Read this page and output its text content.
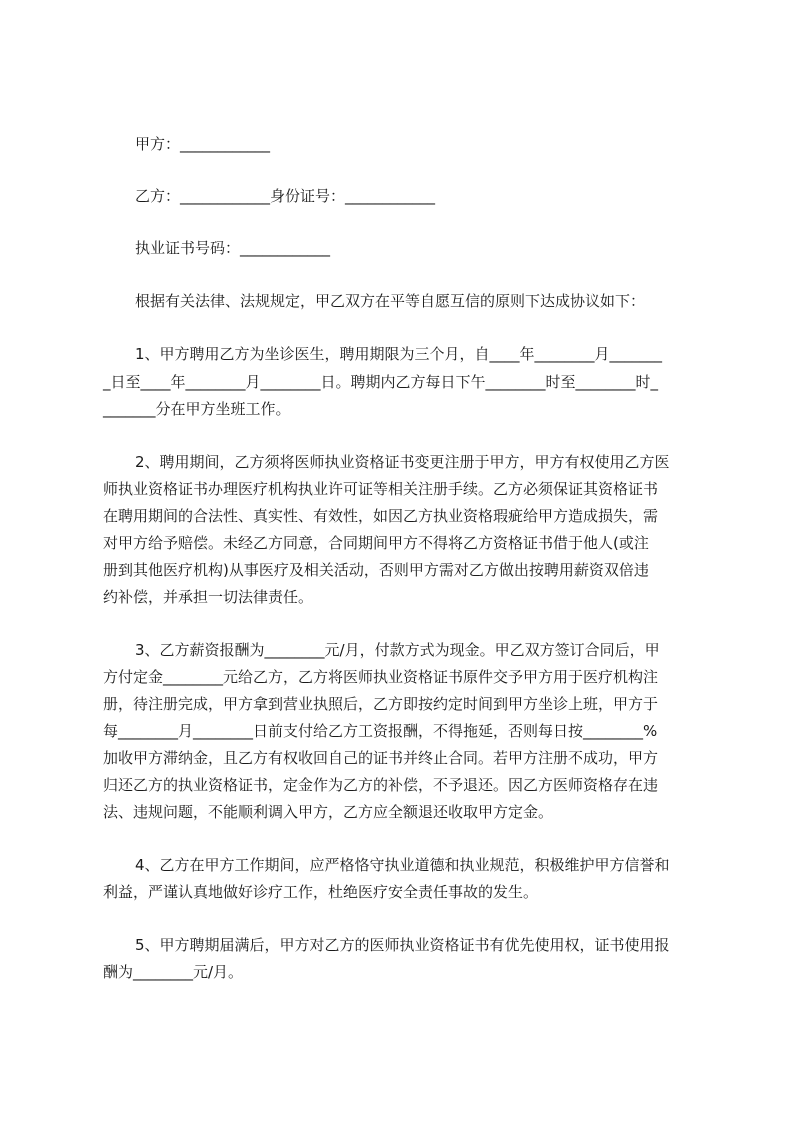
甲方：____________

乙方：____________身份证号：____________

执业证书号码：____________

根据有关法律、法规规定，甲乙双方在平等自愿互信的原则下达成协议如下：

1、甲方聘用乙方为坐诊医生，聘用期限为三个月，自____年________月_______

_日至____年________月________日。聘期内乙方每日下午________时至________时_

_______分在甲方坐班工作。

2、聘用期间，乙方须将医师执业资格证书变更注册于甲方，甲方有权使用乙方医

师执业资格证书办理医疗机构执业许可证等相关注册手续。乙方必须保证其资格证书

在聘用期间的合法性、真实性、有效性，如因乙方执业资格瑕疵给甲方造成损失，需

对甲方给予赔偿。未经乙方同意，合同期间甲方不得将乙方资格证书借于他人(或注

册到其他医疗机构)从事医疗及相关活动，否则甲方需对乙方做出按聘用薪资双倍违

约补偿，并承担一切法律责任。

3、乙方薪资报酬为________元/月，付款方式为现金。甲乙双方签订合同后，甲

方付定金________元给乙方，乙方将医师执业资格证书原件交予甲方用于医疗机构注

册，待注册完成，甲方拿到营业执照后，乙方即按约定时间到甲方坐诊上班，甲方于

每________月________日前支付给乙方工资报酬，不得拖延，否则每日按________%

加收甲方滞纳金，且乙方有权收回自己的证书并终止合同。若甲方注册不成功，甲方

归还乙方的执业资格证书，定金作为乙方的补偿，不予退还。因乙方医师资格存在违

法、违规问题，不能顺利调入甲方，乙方应全额退还收取甲方定金。

4、乙方在甲方工作期间，应严格恪守执业道德和执业规范，积极维护甲方信誉和

利益，严谨认真地做好诊疗工作，杜绝医疗安全责任事故的发生。

5、甲方聘期届满后，甲方对乙方的医师执业资格证书有优先使用权，证书使用报

酬为________元/月。
